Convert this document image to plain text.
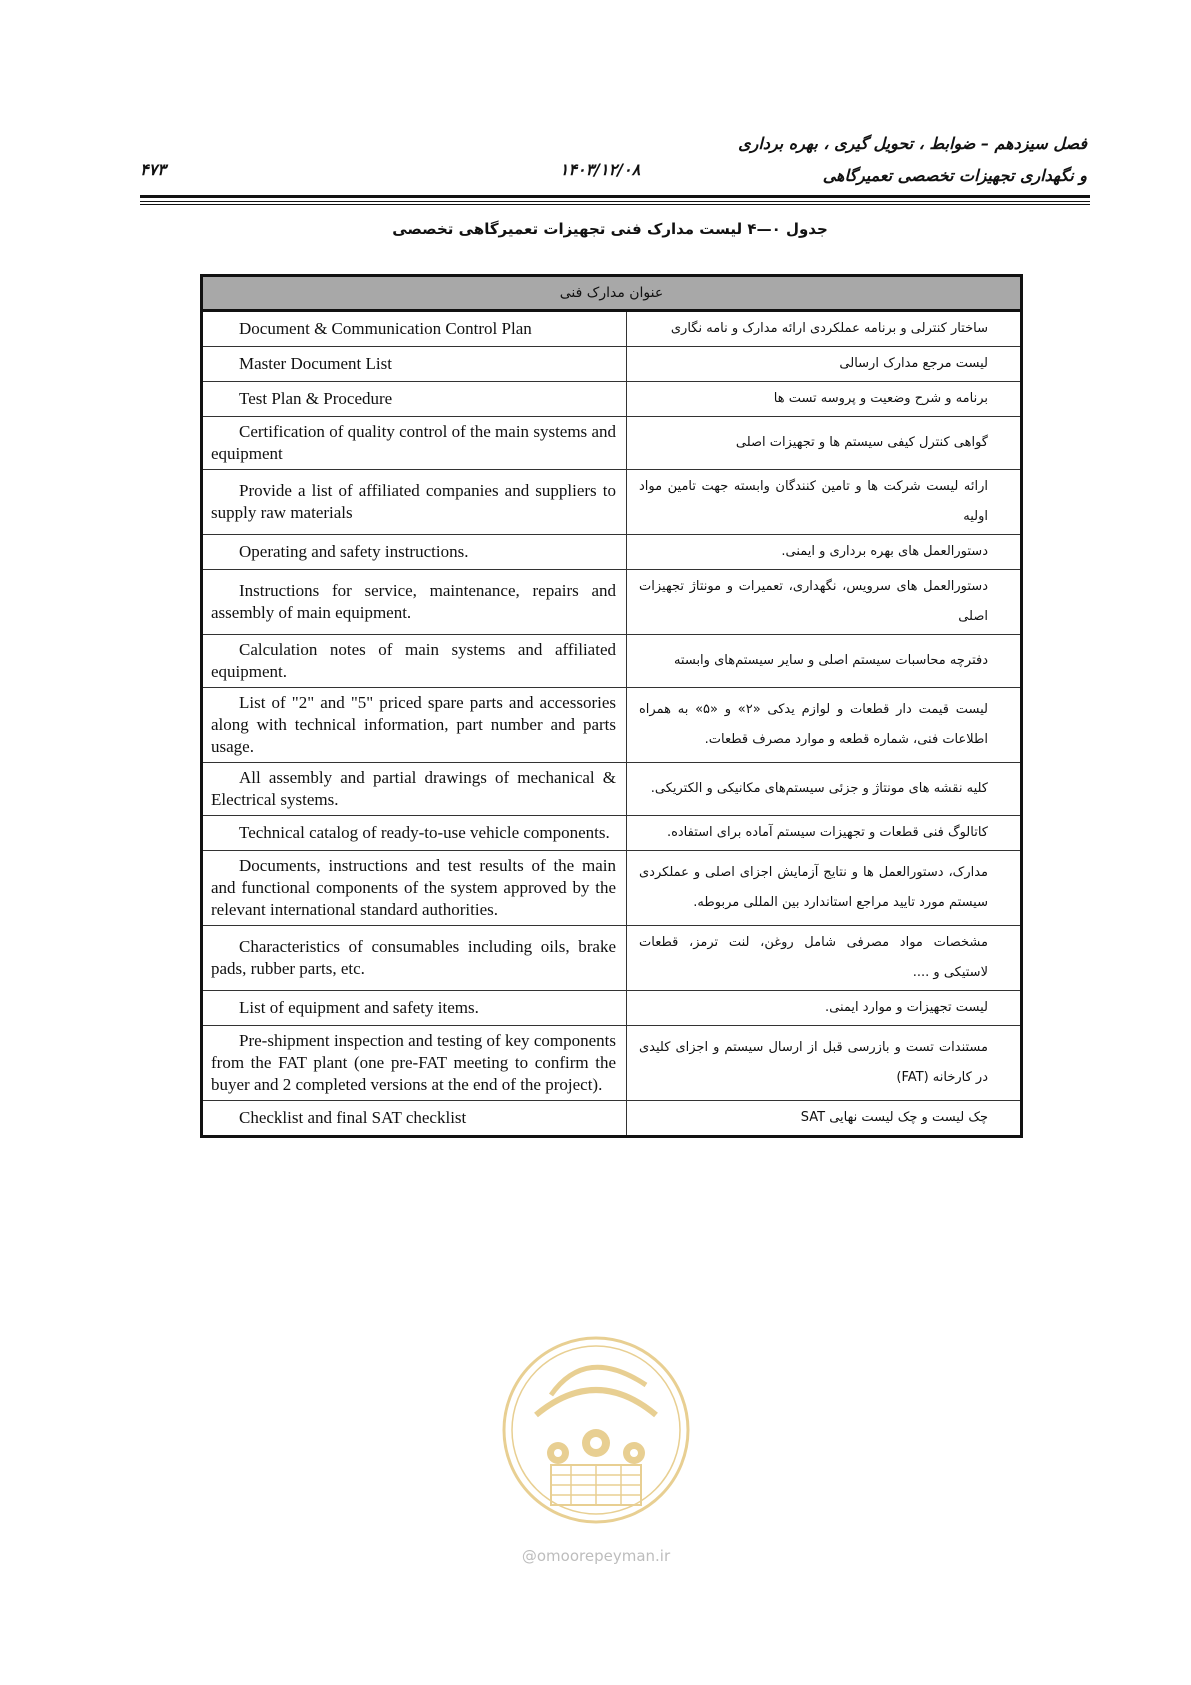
فصل سیزدهم – ضوابط ، تحویل گیری ، بهره برداری
و نگهداری تجهیزات تخصصی تعمیرگاهی
۱۴۰۳/۱۲/۰۸
۴۷۳
جدول ۰—۴ لیست مدارک فنی تجهیزات تعمیرگاهی تخصصی
عنوان مدارک فنی	
Document & Communication Control Plan	ساختار کنترلی و برنامه عملکردی ارائه مدارک و نامه نگاری

Master Document List	لیست مرجع مدارک ارسالی

Test Plan & Procedure	برنامه و شرح وضعیت و پروسه تست ها

Certification of quality control of the main systems and equipment	گواهی کنترل کیفی سیستم ها و تجهیزات اصلی

Provide a list of affiliated companies and suppliers to supply raw materials	ارائه لیست شرکت ها و تامین کنندگان وابسته جهت تامین مواد اولیه

Operating and safety instructions.	دستورالعمل های بهره برداری و ایمنی.

Instructions for service, maintenance, repairs and assembly of main equipment.	دستورالعمل های سرویس، نگهداری، تعمیرات و مونتاژ تجهیزات اصلی

Calculation notes of main systems and affiliated equipment.	دفترچه محاسبات سیستم اصلی و سایر سیستم‌های وابسته

List of "2" and "5" priced spare parts and accessories along with technical information, part number and parts usage.	لیست قیمت دار قطعات و لوازم یدکی «۲» و «۵» به همراه اطلاعات فنی، شماره قطعه و موارد مصرف قطعات.

All assembly and partial drawings of mechanical & Electrical systems.	کلیه نقشه های مونتاژ و جزئی سیستم‌های مکانیکی و الکتریکی.

Technical catalog of ready-to-use vehicle components.	کاتالوگ فنی قطعات و تجهیزات سیستم آماده برای استفاده.

Documents, instructions and test results of the main and functional components of the system approved by the relevant international standard authorities.	مدارک، دستورالعمل ها و نتایج آزمایش اجزای اصلی و عملکردی سیستم مورد تایید مراجع استاندارد بین المللی مربوطه.

Characteristics of consumables including oils, brake pads, rubber parts, etc.	مشخصات مواد مصرفی شامل روغن، لنت ترمز، قطعات لاستیکی و ....

List of equipment and safety items.	لیست تجهیزات و موارد ایمنی.

Pre-shipment inspection and testing of key components from the FAT plant (one pre-FAT meeting to confirm the buyer and 2 completed versions at the end of the project).	مستندات تست و بازرسی قبل از ارسال سیستم و اجزای کلیدی در کارخانه (FAT)

Checklist and final SAT checklist	چک لیست و چک لیست نهایی SAT
@omoorepeyman.ir
